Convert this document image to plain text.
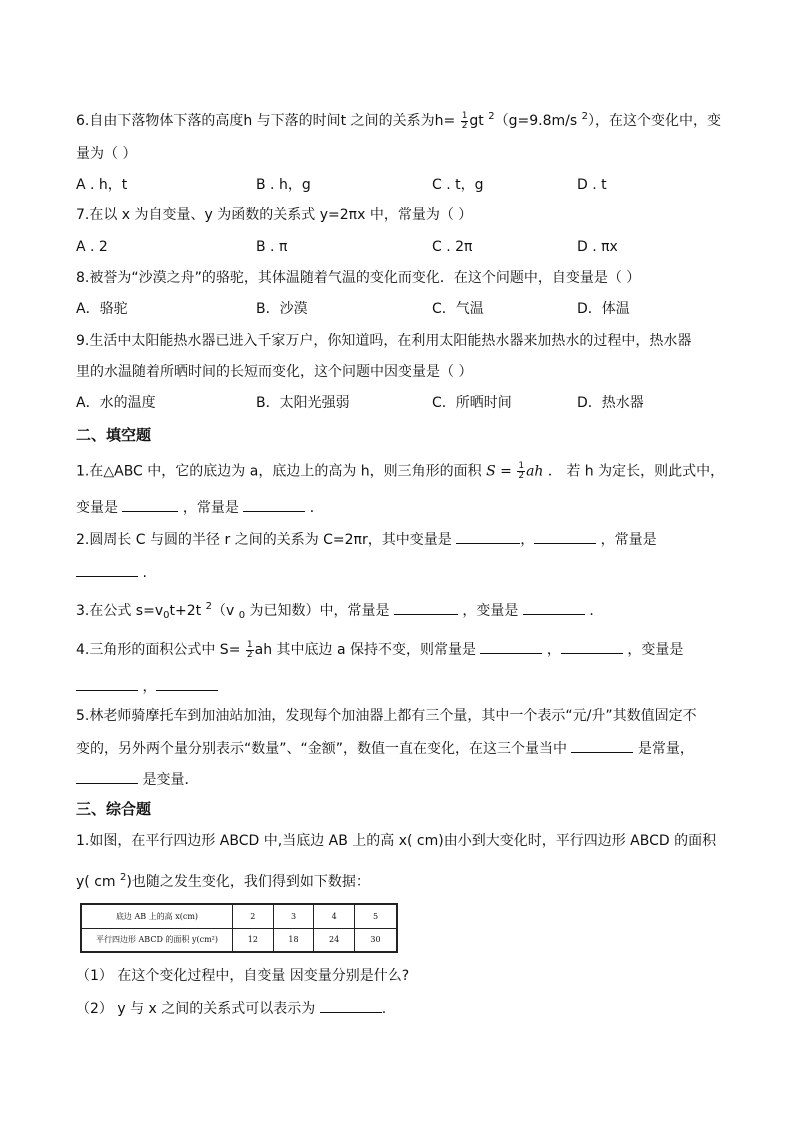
6.自由下落物体下落的高度h 与下落的时间t 之间的关系为$h= \frac{1}{2}$ gt $^2$（g=9.8m/s $^2$），在这个变化中，变
量为（ ）
A . h，t	B . h，g	C . t，g	D . t
7.在以 x 为自变量、y 为函数的关系式 y=2πx 中，常量为（ ）
A . 2	B . π	C . 2π	D . πx
8.被誉为“沙漠之舟”的骆驼，其体温随着气温的变化而变化．在这个问题中，自变量是（ ）
A．骆驼	B．沙漠	C．气温	D．体温
9.生活中太阳能热水器已进入千家万户，你知道吗，在利用太阳能热水器来加热水的过程中，热水器
里的水温随着所晒时间的长短而变化，这个问题中因变量是（ ）
A．水的温度	B．太阳光强弱	C．所晒时间	D．热水器
二、填空题
1.在△ABC 中，它的底边为 a，底边上的高为 h，则三角形的面积 $S = \frac{1}{2}$ ah ． 若 h 为定长，则此式中，
变量是	，常量是	．
2.圆周长 C 与圆的半径 r 之间的关系为 C=2πr，其中变量是	，	，常量是
.
3.在公式 $s=v_0t+2t$ $^2$（v $_0$ 为已知数）中，常量是	，变量是	．
4.三角形的面积公式中 $S= \frac{1}{2}$ ah 其中底边 a 保持不变，则常量是	，	，变量是
，
5.林老师骑摩托车到加油站加油，发现每个加油器上都有三个量，其中一个表示“元/升”其数值固定不
变的，另外两个量分别表示“数量”、“金额”，数值一直在变化，在这三个量当中	是常量，
是变量．
三、综合题
1.如图，在平行四边形 ABCD 中,当底边 AB 上的高 x( cm)由小到大变化时，平行四边形 ABCD 的面积
y( cm $^2$)也随之发生变化，我们得到如下数据：
底边 AB 上的高 x(cm)	2	3	4	5
平行四边形 ABCD 的面积 y(cm²)	12	18	24	30
（1） 在这个变化过程中，自变量 因变量分别是什么?
（2） y 与 x 之间的关系式可以表示为	.
